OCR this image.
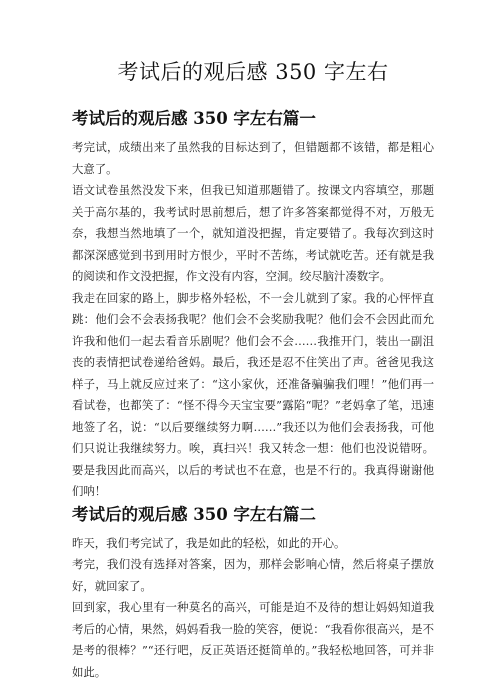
考试后的观后感 350 字左右
考试后的观后感 350 字左右篇一

考完试，成绩出来了虽然我的目标达到了，但错题都不该错，都是粗心大意了。

语文试卷虽然没发下来，但我已知道那题错了。按课文内容填空，那题关于高尔基的，我考试时思前想后，想了许多答案都觉得不对，万般无奈，我想当然地填了一个，就知道没把握，肯定要错了。我每次到这时都深深感觉到书到用时方恨少，平时不苦练，考试就吃苦。还有就是我的阅读和作文没把握，作文没有内容，空洞。绞尽脑汁凑数字。

我走在回家的路上，脚步格外轻松，不一会儿就到了家。我的心怦怦直跳：他们会不会表扬我呢？他们会不会奖励我呢？他们会不会因此而允许我和他们一起去看音乐剧呢？他们会不会……我推开门，装出一副沮丧的表情把试卷递给爸妈。最后，我还是忍不住笑出了声。爸爸见我这样子，马上就反应过来了：“这小家伙，还准备骗骗我们哩！”他们再一看试卷，也都笑了：“怪不得今天宝宝要”露陷“呢？”老妈拿了笔，迅速地签了名，说：“以后要继续努力啊……”我还以为他们会表扬我，可他们只说让我继续努力。唉，真扫兴！我又转念一想：他们也没说错呀。要是我因此而高兴，以后的考试也不在意，也是不行的。我真得谢谢他们呐！

考试后的观后感 350 字左右篇二

昨天，我们考完试了，我是如此的轻松，如此的开心。

考完，我们没有选择对答案，因为，那样会影响心情，然后将桌子摆放好，就回家了。

回到家，我心里有一种莫名的高兴，可能是迫不及待的想让妈妈知道我考后的心情，果然，妈妈看我一脸的笑容，便说：“我看你很高兴，是不是考的很棒？”“还行吧，反正英语还挺简单的。”我轻松地回答，可并非如此。
